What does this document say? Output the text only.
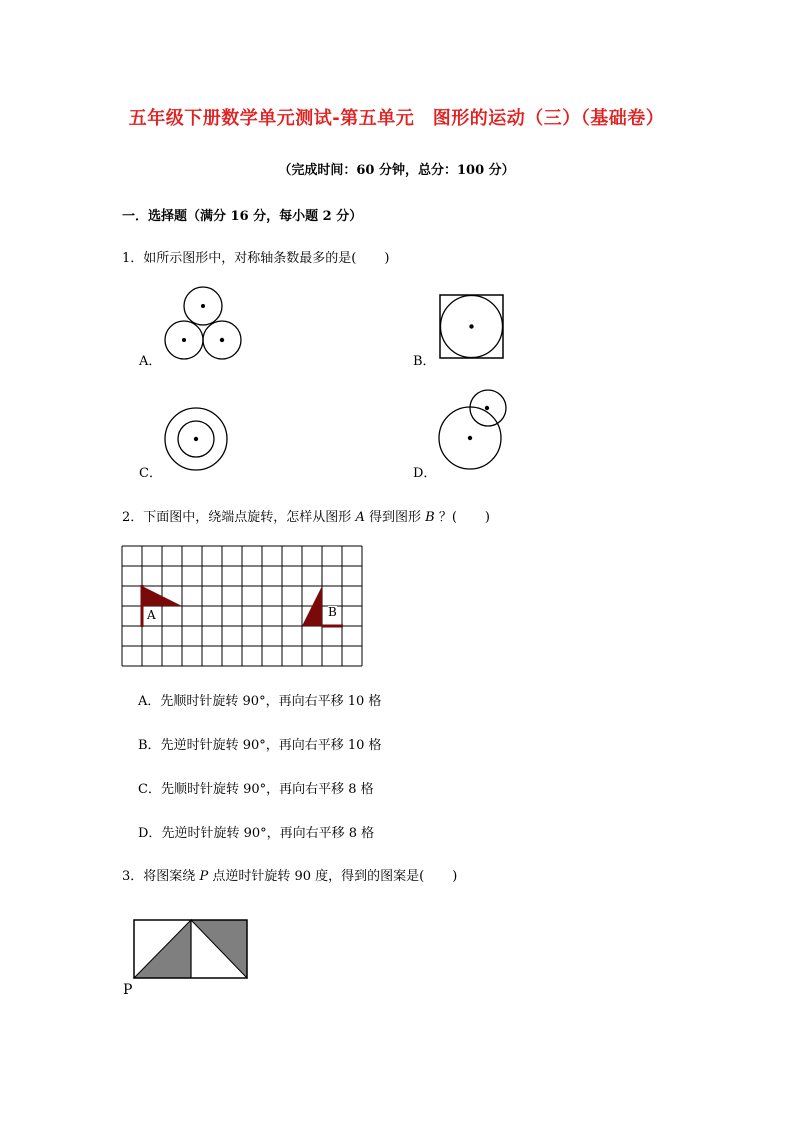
五年级下册数学单元测试-第五单元　图形的运动（三）（基础卷）
（完成时间：60 分钟，总分：100 分）
一．选择题（满分 16 分，每小题 2 分）
1．如所示图形中，对称轴条数最多的是( )
A．	B．
C．	D．
2．下面图中，绕端点旋转，怎样从图形 A 得到图形 B ？( )
A	B
A．先顺时针旋转 90°，再向右平移 10 格
B．先逆时针旋转 90°，再向右平移 10 格
C．先顺时针旋转 90°，再向右平移 8 格
D．先逆时针旋转 90°，再向右平移 8 格
3．将图案绕 P 点逆时针旋转 90 度，得到的图案是( )
P
